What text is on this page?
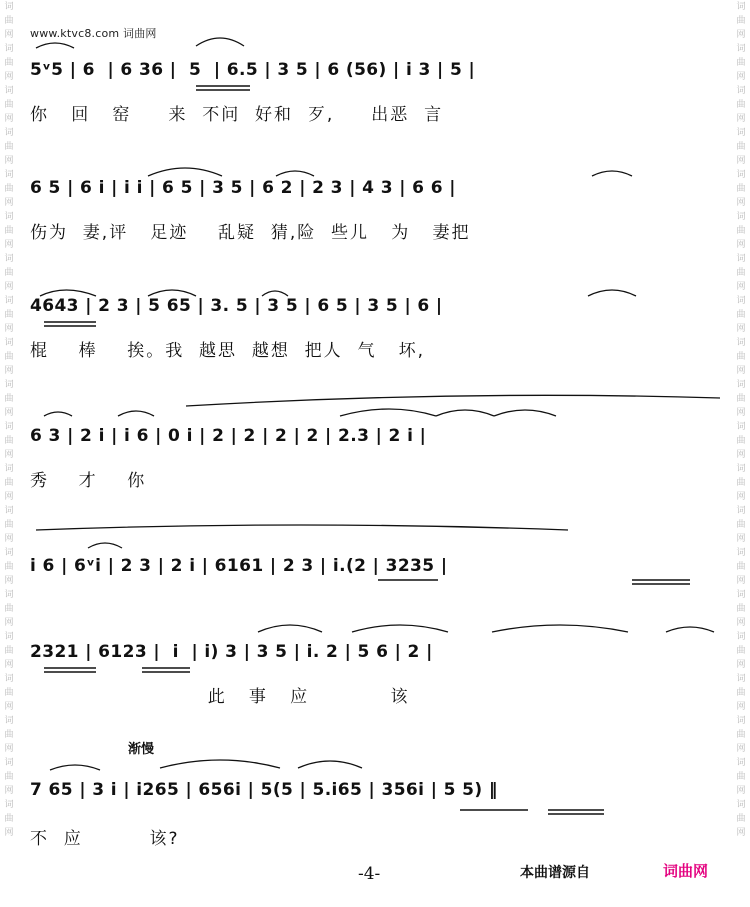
词
曲
网
词
曲
网
词
曲
网
词
曲
网
词
曲
网
词
曲
网
词
曲
网
词
曲
网
词
曲
网
词
曲
网
词
曲
网
词
曲
网
词
曲
网
词
曲
网
词
曲
网
词
曲
网
词
曲
网
词
曲
网
词
曲
网
词
曲
网
词
曲
网
词
曲
网
词
曲
网
词
曲
网
词
曲
网
词
曲
网
词
曲
网
词
曲
网
词
曲
网
词
曲
网
词
曲
网
词
曲
网
词
曲
网
词
曲
网
词
曲
网
词
曲
网
词
曲
网
词
曲
网
词
曲
网
词
曲
网
www.ktvc8.com 词曲网
5ᵛ5 | 6  | 6 36 |  5  | 6.5 | 3 5 | 6 (56) | i 3 | 5 |
你   回   窑     来  不问  好和  歹,     出恶  言
6 5 | 6 i | i i | 6 5 | 3 5 | 6 2 | 2 3 | 4 3 | 6 6 |
伤为  妻,评   足迹    乱疑  猜,险  些儿   为   妻把
4643 | 2 3 | 5 65 | 3. 5 | 3 5 | 6 5 | 3 5 | 6 |
棍    棒    挨。我  越思  越想  把人  气   坏,
6 3 | 2 i | i 6 | 0 i | 2 | 2 | 2 | 2 | 2.3 | 2 i |
秀    才    你
i 6 | 6ᵛi | 2 3 | 2 i | 6161 | 2 3 | i.(2 | 3235 |
2321 | 6123 |  i  | i) 3 | 3 5 | i. 2 | 5 6 | 2 |
此   事   应           该
渐慢
7 65 | 3 i | i265 | 656i | 5(5 | 5.i65 | 356i | 5 5) ‖
不  应         该?
-4-	本曲谱源自	词曲网
